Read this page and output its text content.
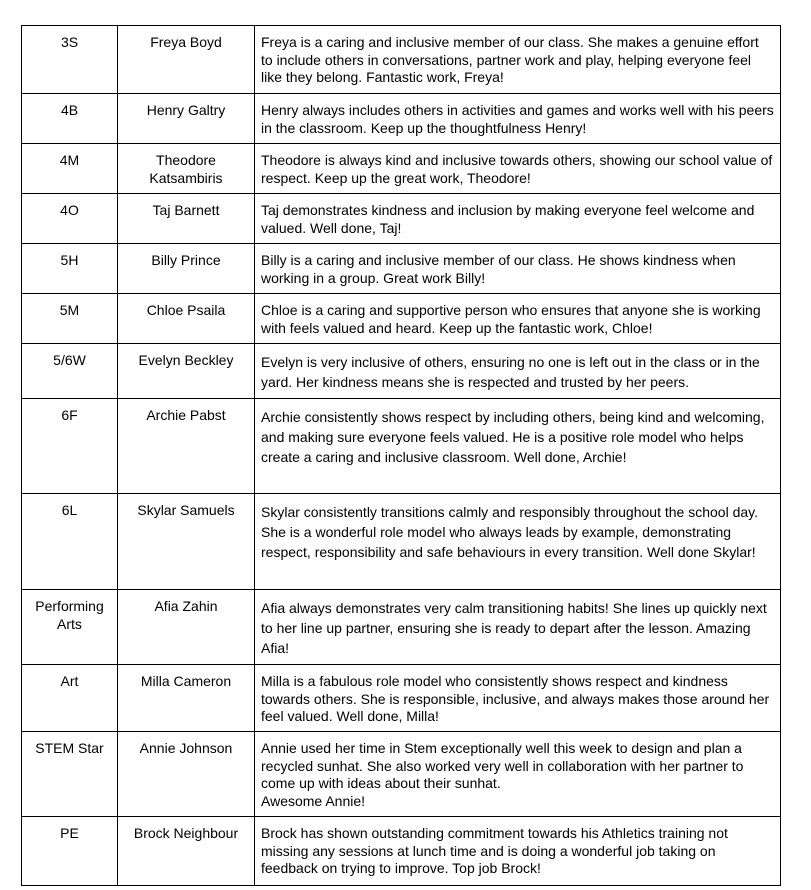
3S	Freya Boyd	Freya is a caring and inclusive member of our class. She makes a genuine effort to include others in conversations, partner work and play, helping everyone feel like they belong. Fantastic work, Freya!
4B	Henry Galtry	Henry always includes others in activities and games and works well with his peers in the classroom. Keep up the thoughtfulness Henry!
4M	Theodore Katsambiris	Theodore is always kind and inclusive towards others, showing our school value of respect. Keep up the great work, Theodore!
4O	Taj Barnett	Taj demonstrates kindness and inclusion by making everyone feel welcome and valued. Well done, Taj!
5H	Billy Prince	Billy is a caring and inclusive member of our class. He shows kindness when working in a group. Great work Billy!
5M	Chloe Psaila	Chloe is a caring and supportive person who ensures that anyone she is working with feels valued and heard. Keep up the fantastic work, Chloe!
5/6W	Evelyn Beckley	Evelyn is very inclusive of others, ensuring no one is left out in the class or in the yard. Her kindness means she is respected and trusted by her peers.
6F	Archie Pabst	Archie consistently shows respect by including others, being kind and welcoming, and making sure everyone feels valued. He is a positive role model who helps create a caring and inclusive classroom. Well done, Archie!
6L	Skylar Samuels	Skylar consistently transitions calmly and responsibly throughout the school day. She is a wonderful role model who always leads by example, demonstrating respect, responsibility and safe behaviours in every transition. Well done Skylar!
Performing Arts	Afia Zahin	Afia always demonstrates very calm transitioning habits! She lines up quickly next to her line up partner, ensuring she is ready to depart after the lesson. Amazing Afia!
Art	Milla Cameron	Milla is a fabulous role model who consistently shows respect and kindness towards others. She is responsible, inclusive, and always makes those around her feel valued. Well done, Milla!
STEM Star	Annie Johnson	Annie used her time in Stem exceptionally well this week to design and plan a recycled sunhat. She also worked very well in collaboration with her partner to come up with ideas about their sunhat.
Awesome Annie!
PE	Brock Neighbour	Brock has shown outstanding commitment towards his Athletics training not missing any sessions at lunch time and is doing a wonderful job taking on feedback on trying to improve. Top job Brock!
